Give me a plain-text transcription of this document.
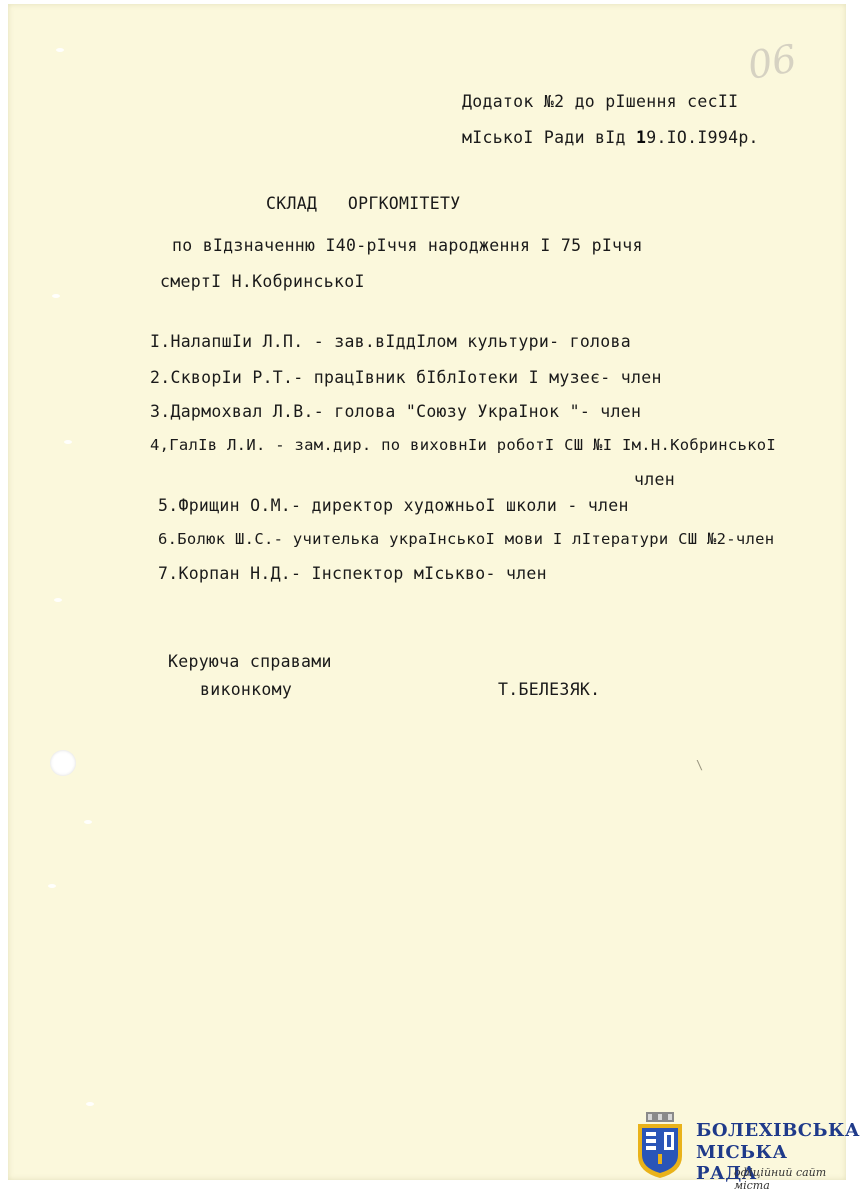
06
Додаток №2 до рІшення сесІІ
мІськоІ Ради вІд 19.IO.I994р.
СКЛАД   ОРГКОМІТЕТУ
по вІдзначенню I40-рІччя народження I 75 рІччя
смертІ Н.КобринськоІ
I.НалапшІи Л.П. - зав.вІддІлом культури- голова
2.СкворІи Р.Т.- працІвник бІблІотеки I музеє- член
3.Дармохвал Л.В.- голова "Союзу УкраІнок "- член
4,ГалІв Л.И. - зам.дир. по виховнІи роботІ СШ №I Iм.Н.КобринськоІ
член
5.Фрищин О.М.- директор художньоІ школи - член
6.Болюк Ш.С.- учителька украІнськоІ мови I лІтератури СШ №2-член
7.Корпан Н.Д.- Інспектор мІськво- член
Керуюча справами
виконкому	Т.БЕЛЕЗЯК.
\
БОЛЕХІВСЬКА
МІСЬКА РАДА
офіційний сайт міста
